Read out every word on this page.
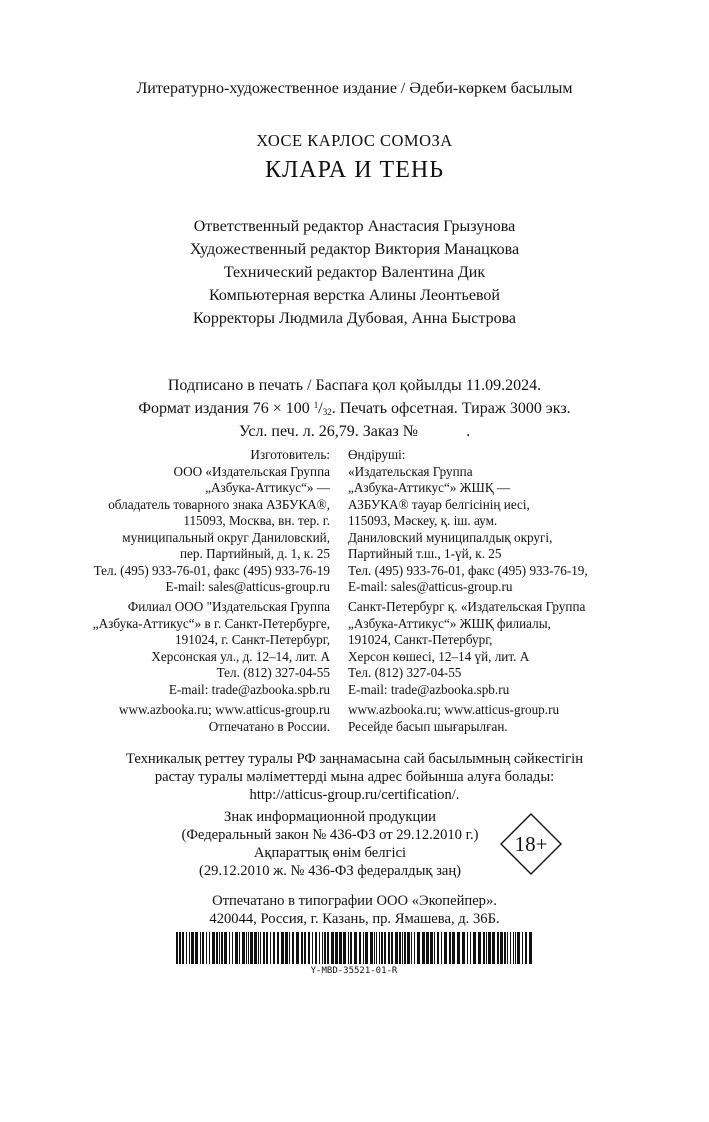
Литературно-художественное издание / Әдеби-көркем басылым
ХОСЕ КАРЛОС СОМОЗА
КЛАРА И ТЕНЬ
Ответственный редактор Анастасия Грызунова
Художественный редактор Виктория Манацкова
Технический редактор Валентина Дик
Компьютерная верстка Алины Леонтьевой
Корректоры Людмила Дубовая, Анна Быстрова
Подписано в печать / Баспаға қол қойылды 11.09.2024.
Формат издания 76 × 100 $^1/_{32}$. Печать офсетная. Тираж 3000 экз.
Усл. печ. л. 26,79. Заказ №            .
Изготовитель:
ООО «Издательская Группа
„Азбука-Аттикус“» —
обладатель товарного знака АЗБУКА®,
115093, Москва, вн. тер. г.
муниципальный округ Даниловский,
пер. Партийный, д. 1, к. 25
Тел. (495) 933-76-01, факс (495) 933-76-19
E-mail: sales@atticus-group.ru
Өндіруші:
«Издательская Группа
„Азбука-Аттикус“» ЖШҚ —
АЗБУКА® тауар белгісінің иесі,
115093, Мәскеу, қ. іш. аум.
Даниловский муниципалдық округі,
Партийный т.ш., 1-үй, к. 25
Тел. (495) 933-76-01, факс (495) 933-76-19,
E-mail: sales@atticus-group.ru
Филиал ООО "Издательская Группа
„Азбука-Аттикус“» в г. Санкт-Петербурге,
191024, г. Санкт-Петербург,
Херсонская ул., д. 12–14, лит. А
Тел. (812) 327-04-55
E-mail: trade@azbooka.spb.ru
Санкт-Петербург қ. «Издательская Группа
„Азбука-Аттикус“» ЖШҚ филиалы,
191024, Санкт-Петербург,
Херсон көшесі, 12–14 үй, лит. А
Тел. (812) 327-04-55
E-mail: trade@azbooka.spb.ru
www.azbooka.ru; www.atticus-group.ru
Отпечатано в России.
www.azbooka.ru; www.atticus-group.ru
Ресейде басып шығарылған.
Техникалық реттеу туралы РФ заңнамасына сай басылымның сәйкестігін
растау туралы мәліметтерді мына адрес бойынша алуға болады:
http://atticus-group.ru/certification/.
Знак информационной продукции
(Федеральный закон № 436-ФЗ от 29.12.2010 г.)
Ақпараттық өнім белгісі
(29.12.2010 ж. № 436-ФЗ федералдық заң)
18+
Отпечатано в типографии ООО «Экопейпер».
420044, Россия, г. Казань, пр. Ямашева, д. 36Б.
Y-MBD-35521-01-R
